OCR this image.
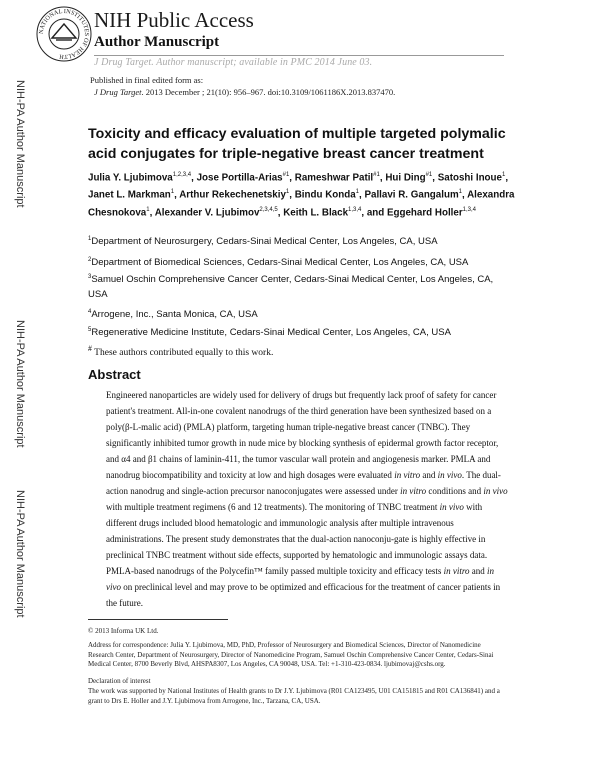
NATIONAL INSTITUTES OF HEALTH
NIH Public Access
Author Manuscript
J Drug Target. Author manuscript; available in PMC 2014 June 03.
Published in final edited form as:
J Drug Target. 2013 December ; 21(10): 956–967. doi:10.3109/1061186X.2013.837470.
NIH-PA Author Manuscript
NIH-PA Author Manuscript
NIH-PA Author Manuscript
Toxicity and efficacy evaluation of multiple targeted polymalic acid conjugates for triple-negative breast cancer treatment
Julia Y. Ljubimova$^{1,2,3,4}$, Jose Portilla-Arias$^{\#1}$, Rameshwar Patil$^{\#1}$, Hui Ding$^{\#1}$, Satoshi Inoue$^1$, Janet L. Markman$^1$, Arthur Rekechenetskiy$^1$, Bindu Konda$^1$, Pallavi R. Gangalum$^1$, Alexandra Chesnokova$^1$, Alexander V. Ljubimov$^{2,3,4,5}$, Keith L. Black$^{1,3,4}$, and Eggehard Holler$^{1,3,4}$
$^1$Department of Neurosurgery, Cedars-Sinai Medical Center, Los Angeles, CA, USA
$^2$Department of Biomedical Sciences, Cedars-Sinai Medical Center, Los Angeles, CA, USA
$^3$Samuel Oschin Comprehensive Cancer Center, Cedars-Sinai Medical Center, Los Angeles, CA, USA
$^4$Arrogene, Inc., Santa Monica, CA, USA
$^5$Regenerative Medicine Institute, Cedars-Sinai Medical Center, Los Angeles, CA, USA
# These authors contributed equally to this work.
Abstract

Engineered nanoparticles are widely used for delivery of drugs but frequently lack proof of safety for cancer patient's treatment. All-in-one covalent nanodrugs of the third generation have been synthesized based on a poly(β-L-malic acid) (PMLA) platform, targeting human triple-negative breast cancer (TNBC). They significantly inhibited tumor growth in nude mice by blocking synthesis of epidermal growth factor receptor, and α4 and β1 chains of laminin-411, the tumor vascular wall protein and angiogenesis marker. PMLA and nanodrug biocompatibility and toxicity at low and high dosages were evaluated in vitro and in vivo. The dual-action nanodrug and single-action precursor nanoconjugates were assessed under in vitro conditions and in vivo with multiple treatment regimens (6 and 12 treatments). The monitoring of TNBC treatment in vivo with different drugs included blood hematologic and immunologic analysis after multiple intravenous administrations. The present study demonstrates that the dual-action nanoconju-gate is highly effective in preclinical TNBC treatment without side effects, supported by hematologic and immunologic assays data. PMLA-based nanodrugs of the Polycefin™ family passed multiple toxicity and efficacy tests in vitro and in vivo on preclinical level and may prove to be optimized and efficacious for the treatment of cancer patients in the future.

© 2013 Informa UK Ltd.
Address for correspondence: Julia Y. Ljubimova, MD, PhD, Professor of Neurosurgery and Biomedical Sciences, Director of Nanomedicine Research Center, Department of Neurosurgery, Director of Nanomedicine Program, Samuel Oschin Comprehensive Cancer Center, Cedars-Sinai Medical Center, 8700 Beverly Blvd, AHSPA8307, Los Angeles, CA 90048, USA. Tel: +1-310-423-0834. ljubimovaj@cshs.org.
Declaration of interest
The work was supported by National Institutes of Health grants to Dr J.Y. Ljubimova (R01 CA123495, U01 CA151815 and R01 CA136841) and a grant to Drs E. Holler and J.Y. Ljubimova from Arrogene, Inc., Tarzana, CA, USA.
